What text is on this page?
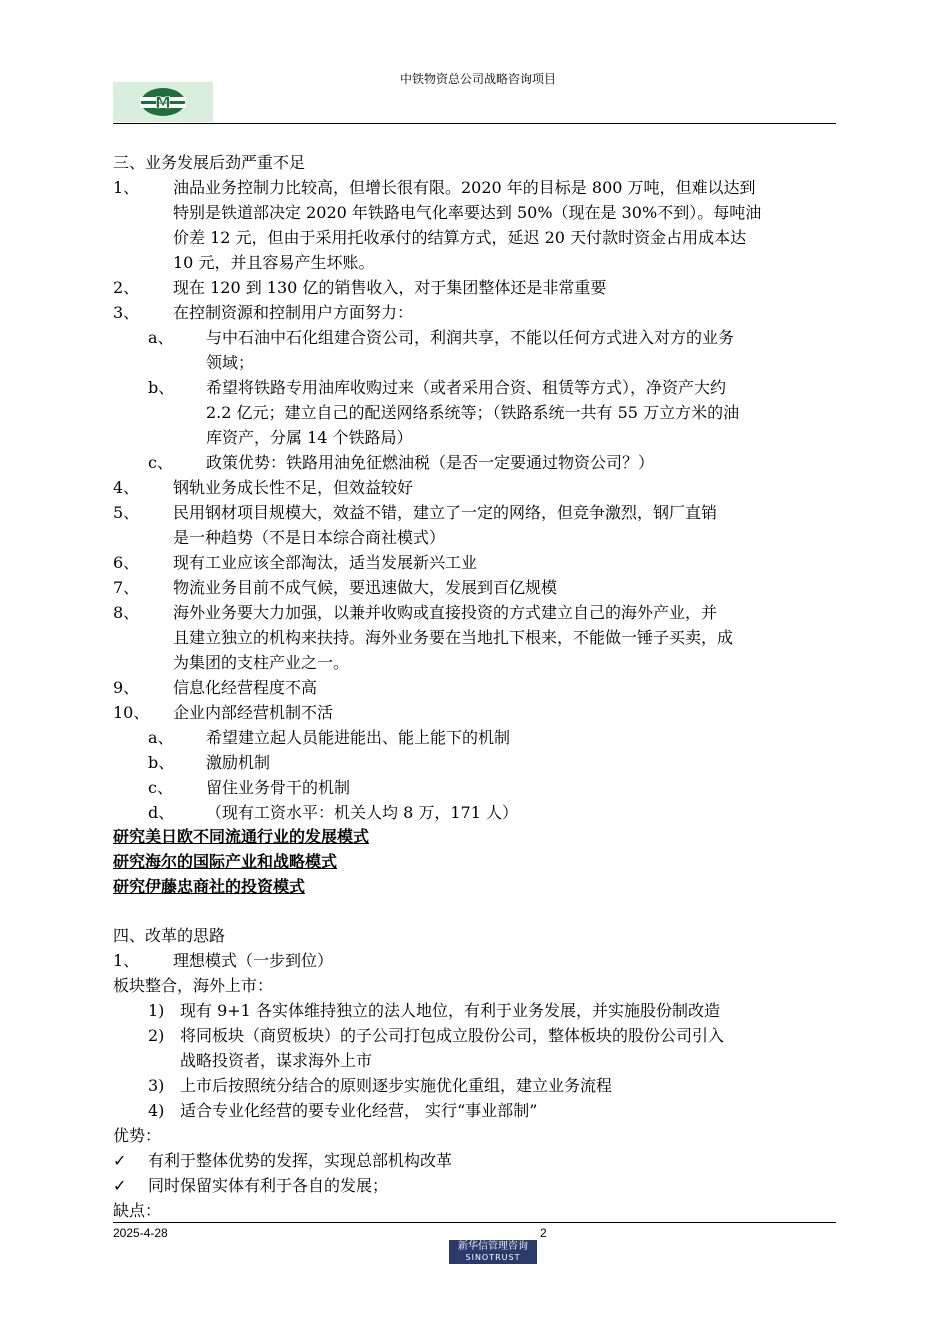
M
中铁物资总公司战略咨询项目
三、业务发展后劲严重不足
1、 油品业务控制力比较高，但增长很有限。2020 年的目标是 800 万吨，但难以达到
特别是铁道部决定 2020 年铁路电气化率要达到 50%（现在是 30%不到）。每吨油
价差 12 元，但由于采用托收承付的结算方式，延迟 20 天付款时资金占用成本达
10 元，并且容易产生坏账。
2、 现在 120 到 130 亿的销售收入，对于集团整体还是非常重要
3、 在控制资源和控制用户方面努力：
a、 与中石油中石化组建合资公司，利润共享，不能以任何方式进入对方的业务
领域；
b、 希望将铁路专用油库收购过来（或者采用合资、租赁等方式），净资产大约
2.2 亿元；建立自己的配送网络系统等；（铁路系统一共有 55 万立方米的油
库资产，分属 14 个铁路局）
c、 政策优势：铁路用油免征燃油税（是否一定要通过物资公司？）
4、 钢轨业务成长性不足，但效益较好
5、 民用钢材项目规模大，效益不错，建立了一定的网络，但竞争激烈，钢厂直销
是一种趋势（不是日本综合商社模式）
6、 现有工业应该全部淘汰，适当发展新兴工业
7、 物流业务目前不成气候，要迅速做大，发展到百亿规模
8、 海外业务要大力加强，以兼并收购或直接投资的方式建立自己的海外产业，并
且建立独立的机构来扶持。海外业务要在当地扎下根来，不能做一锤子买卖，成
为集团的支柱产业之一。
9、 信息化经营程度不高
10、 企业内部经营机制不活
a、 希望建立起人员能进能出、能上能下的机制
b、 激励机制
c、 留住业务骨干的机制
d、 （现有工资水平：机关人均 8 万，171 人）
研究美日欧不同流通行业的发展模式
研究海尔的国际产业和战略模式
研究伊藤忠商社的投资模式
四、改革的思路
1、 理想模式（一步到位）
板块整合，海外上市：
1) 现有 9+1 各实体维持独立的法人地位，有利于业务发展，并实施股份制改造
2) 将同板块（商贸板块）的子公司打包成立股份公司，整体板块的股份公司引入
战略投资者，谋求海外上市
3) 上市后按照统分结合的原则逐步实施优化重组，建立业务流程
4) 适合专业化经营的要专业化经营， 实行“事业部制”
优势：
✓ 有利于整体优势的发挥，实现总部机构改革
✓ 同时保留实体有利于各自的发展；
缺点：
2025-4-28	2
新华信管理咨询
SINOTRUST
